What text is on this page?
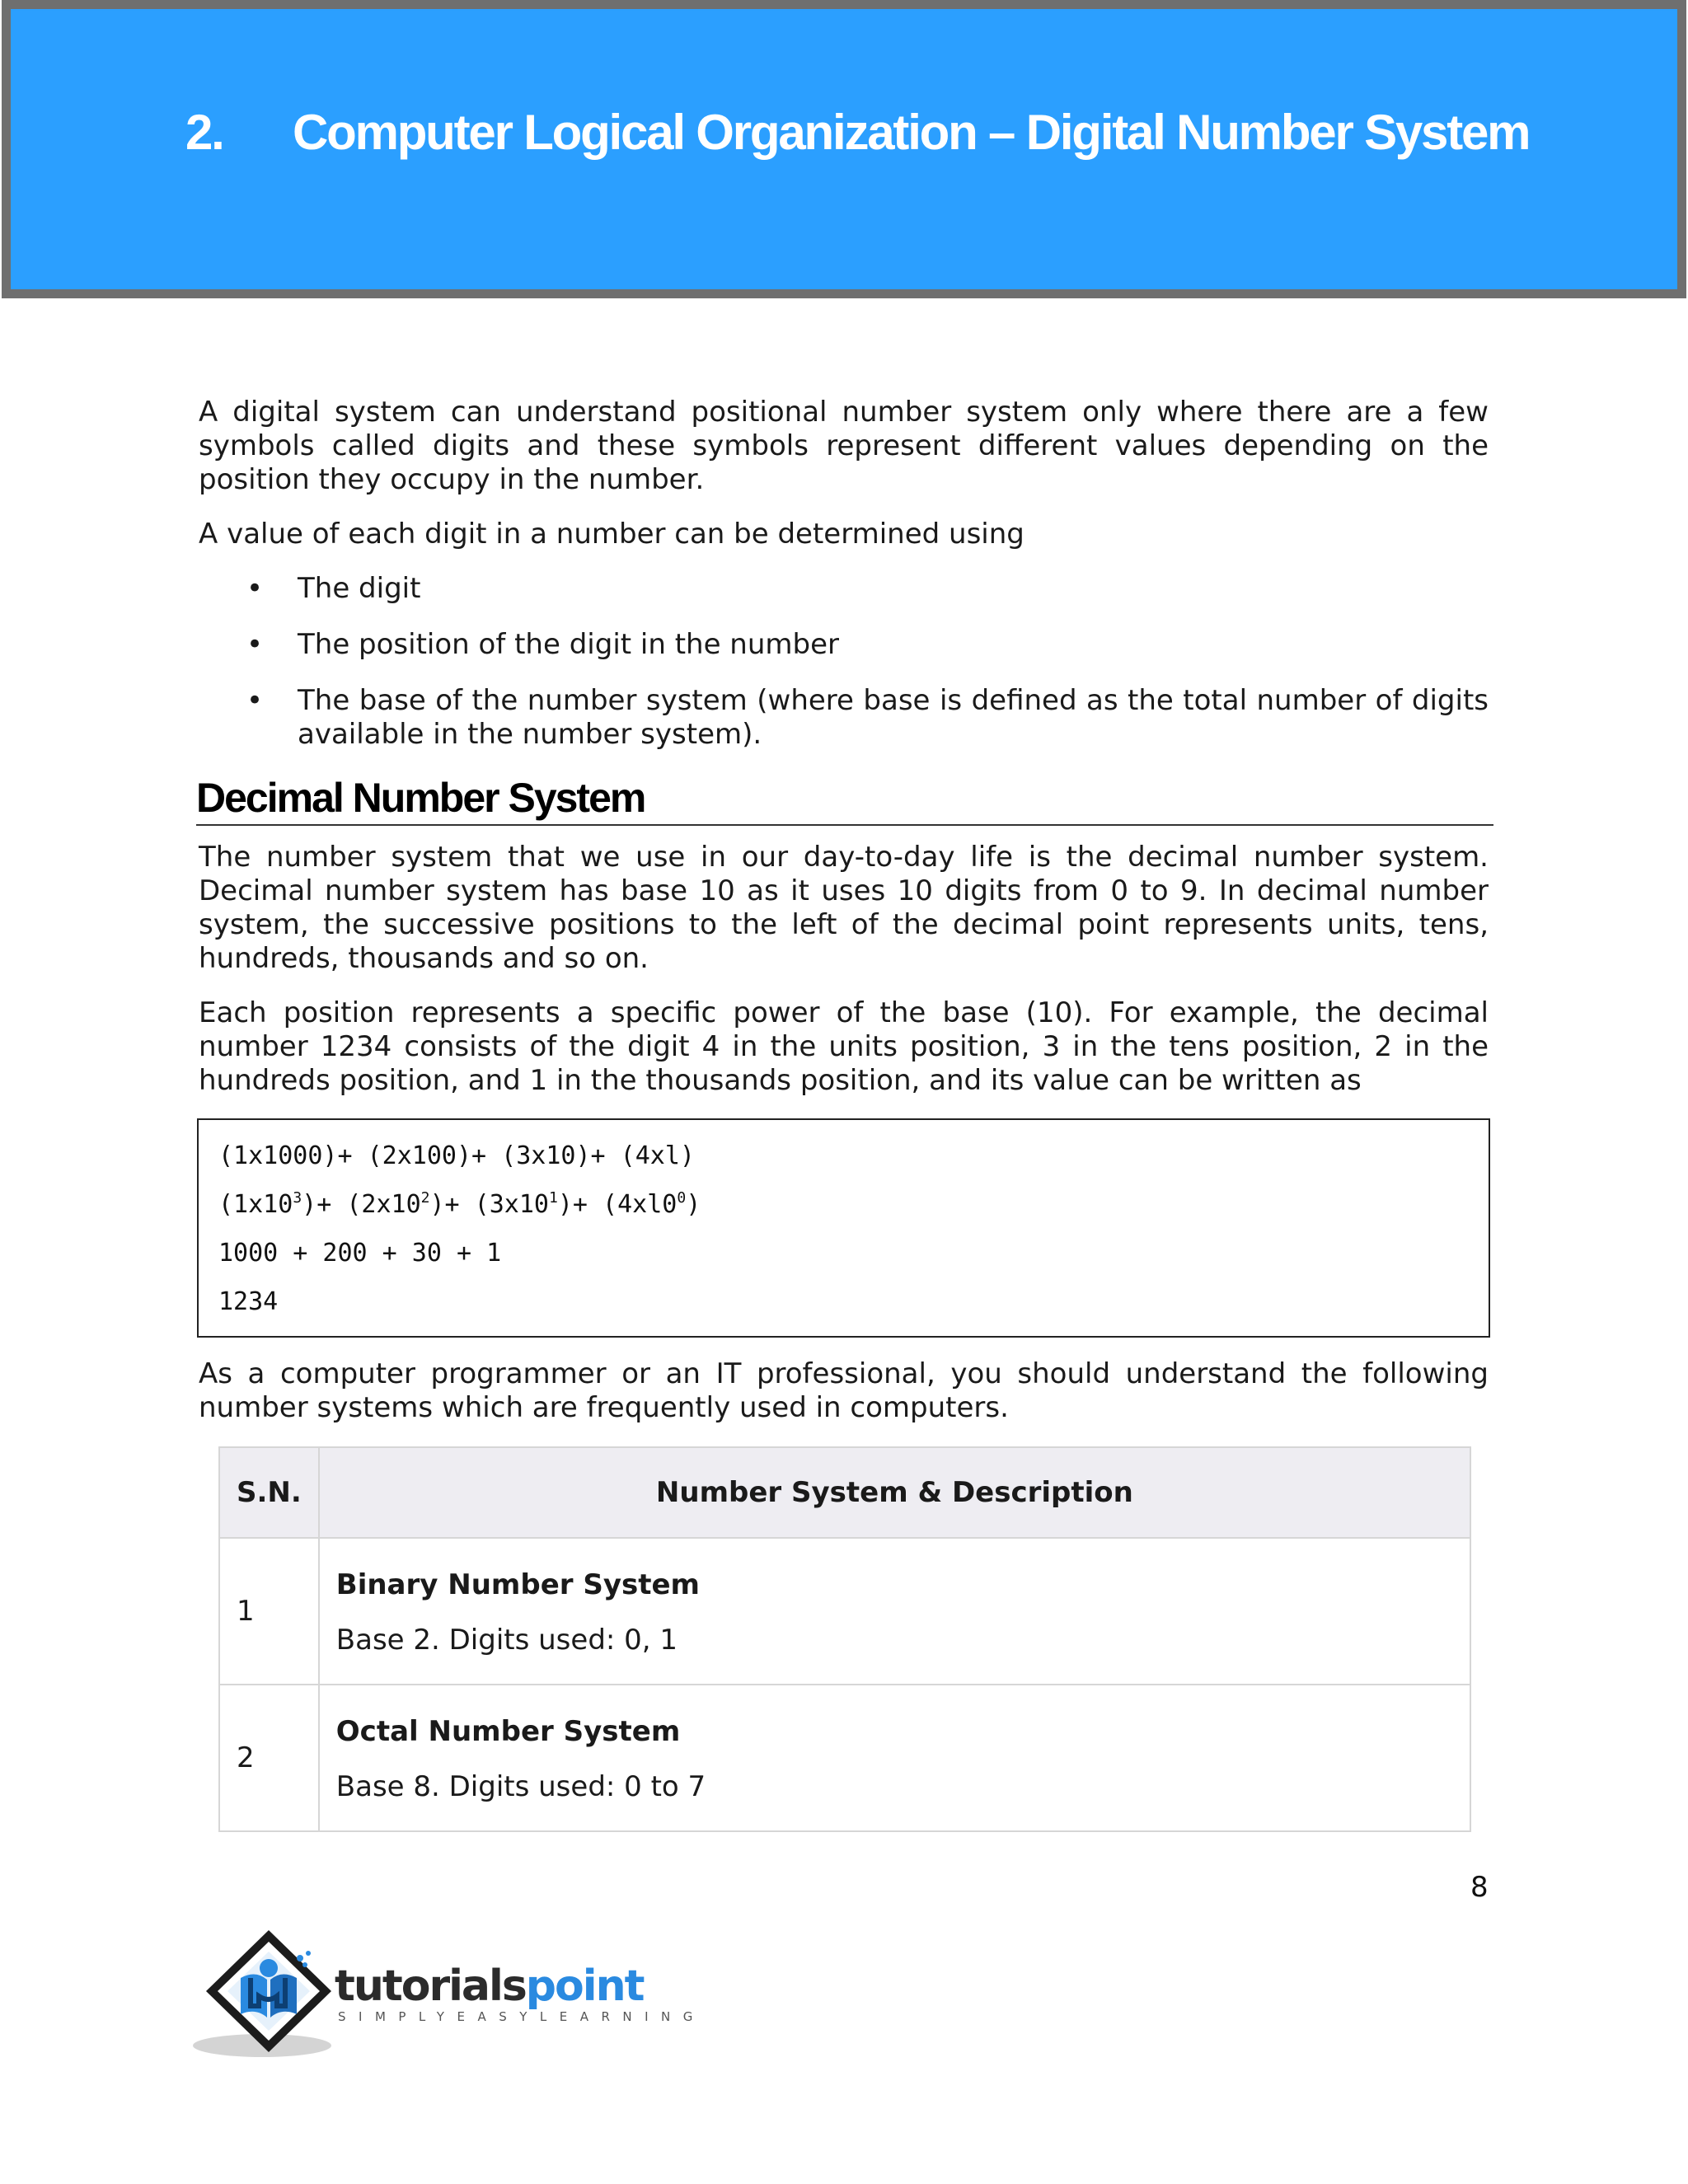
2. Computer Logical Organization – Digital Number System

A digital system can understand positional number system only where there are a few symbols called digits and these symbols represent different values depending on the position they occupy in the number.

A value of each digit in a number can be determined using

• The digit
• The position of the digit in the number
• The base of the number system (where base is defined as the total number of digits available in the number system).
Decimal Number System

The number system that we use in our day-to-day life is the decimal number system. Decimal number system has base 10 as it uses 10 digits from 0 to 9. In decimal number system, the successive positions to the left of the decimal point represents units, tens, hundreds, thousands and so on.

Each position represents a specific power of the base (10). For example, the decimal number 1234 consists of the digit 4 in the units position, 3 in the tens position, 2 in the hundreds position, and 1 in the thousands position, and its value can be written as

(1x1000)+ (2x100)+ (3x10)+ (4xl)
$(1x10^3)+ (2x10^2)+ (3x10^1)+ (4xl0^0)$
1000 + 200 + 30 + 1
1234

As a computer programmer or an IT professional, you should understand the following number systems which are frequently used in computers.

S.N.	Number System & Description
1	Binary Number System
Base 2. Digits used: 0, 1

2	Octal Number System
Base 8. Digits used: 0 to 7
8
tutorialspoint
SIMPLYEASYLEARNING
